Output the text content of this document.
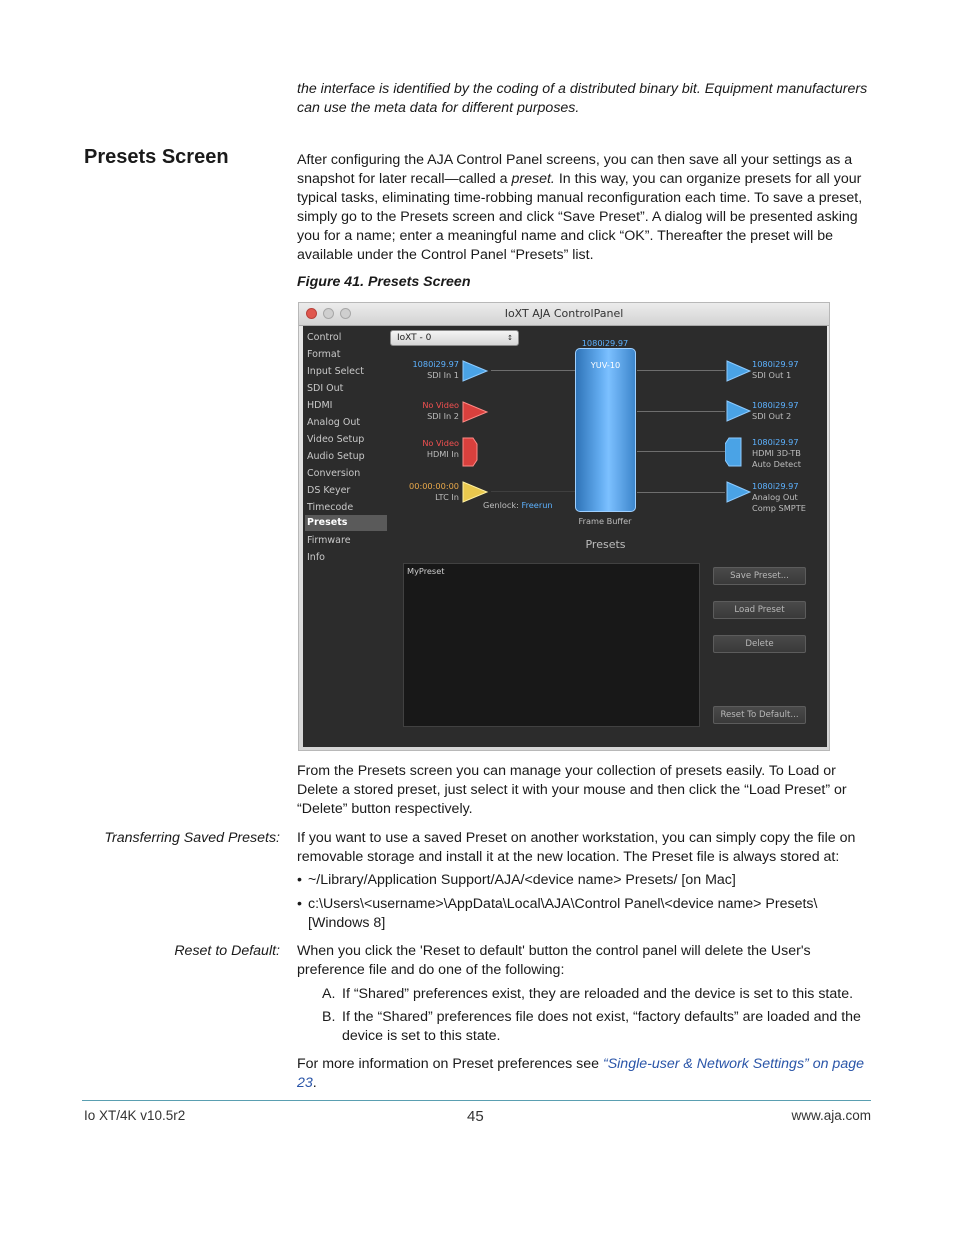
the interface is identified by the coding of a distributed binary bit. Equipment manufacturers can use the meta data for different purposes.
Presets Screen	After configuring the AJA Control Panel screens, you can then save all your settings as a snapshot for later recall—called a preset. In this way, you can organize presets for all your typical tasks, eliminating time-robbing manual reconfiguration each time. To save a preset, simply go to the Presets screen and click “Save Preset”. A dialog will be presented asking you for a name; enter a meaningful name and click “OK”. Thereafter the preset will be available under the Control Panel “Presets” list.
Figure 41. Presets Screen
IoXT AJA ControlPanel
Control
Format
Input Select
SDI Out
HDMI
Analog Out
Video Setup
Audio Setup
Conversion
DS Keyer
Timecode
Presets
Firmware
Info
IoXT - 0	↕
1080i29.97
SDI In 1
No Video
SDI In 2
No Video
HDMI In
00:00:00:00
LTC In
Genlock: Freerun
1080i29.97
YUV-10
Frame Buffer
1080i29.97
SDI Out 1
1080i29.97
SDI Out 2
1080i29.97
HDMI 3D-TB
Auto Detect
1080i29.97
Analog Out
Comp SMPTE
Presets
MyPreset	Save Preset...
Load Preset
Delete
Reset To Default...
From the Presets screen you can manage your collection of presets easily. To Load or Delete a stored preset, just select it with your mouse and then click the “Load Preset” or “Delete” button respectively.
Transferring Saved Presets: If you want to use a saved Preset on another workstation, you can simply copy the file on removable storage and install it at the new location. The Preset file is always stored at:
• ~/Library/Application Support/AJA/<device name> Presets/ [on Mac]
• c:\Users\<username>\AppData\Local\AJA\Control Panel\<device name> Presets\ [Windows 8]
Reset to Default: When you click the 'Reset to default' button the control panel will delete the User's preference file and do one of the following:
A. If “Shared” preferences exist, they are reloaded and the device is set to this state.
B. If the “Shared” preferences file does not exist, “factory defaults” are loaded and the device is set to this state.
For more information on Preset preferences see “Single-user & Network Settings” on page 23.
Io XT/4K v10.5r2	45	www.aja.com
